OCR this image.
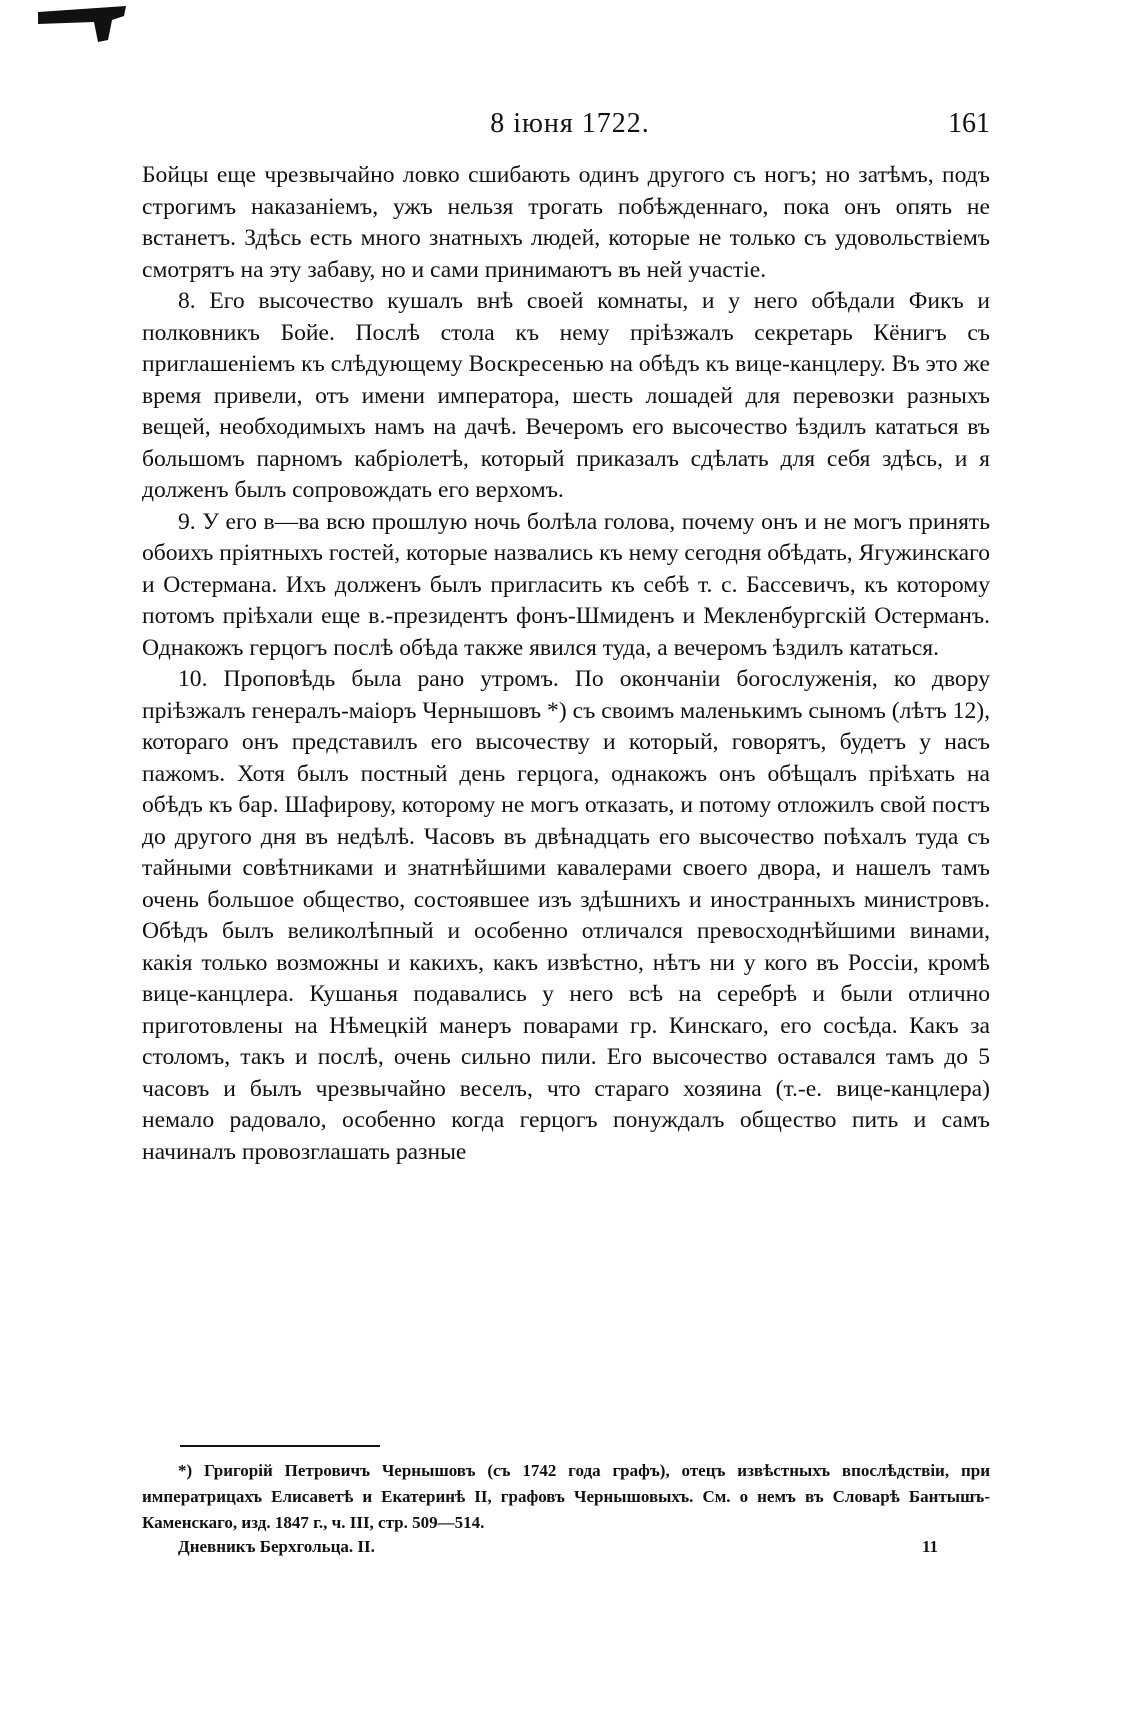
8 іюня 1722.	161

Бойцы еще чрезвычайно ловко сшибають одинъ другого съ ногъ; но затѣмъ, подъ строгимъ наказаніемъ, ужъ нельзя трогать побѣжденнаго, пока онъ опять не встанетъ. Здѣсь есть много знатныхъ людей, которые не только съ удовольствіемъ смотрятъ на эту забаву, но и сами принимаютъ въ ней участіе.

8. Его высочество кушалъ внѣ своей комнаты, и у него обѣдали Фикъ и полковникъ Бойе. Послѣ стола къ нему пріѣзжалъ секретарь Кёнигъ съ приглашеніемъ къ слѣдующему Воскресенью на обѣдъ къ вице-канцлеру. Въ это же время привели, отъ имени императора, шесть лошадей для перевозки разныхъ вещей, необходимыхъ намъ на дачѣ. Вечеромъ его высочество ѣздилъ кататься въ большомъ парномъ кабріолетѣ, который приказалъ сдѣлать для себя здѣсь, и я долженъ былъ сопровождать его верхомъ.

9. У его в—ва всю прошлую ночь болѣла голова, почему онъ и не могъ принять обоихъ пріятныхъ гостей, которые назвались къ нему сегодня обѣдать, Ягужинскаго и Остермана. Ихъ долженъ былъ пригласить къ себѣ т. с. Бассевичъ, къ которому потомъ пріѣхали еще в.-президентъ фонъ-Шмиденъ и Мекленбургскій Остерманъ. Однакожъ герцогъ послѣ обѣда также явился туда, а вечеромъ ѣздилъ кататься.

10. Проповѣдь была рано утромъ. По окончаніи богослуженія, ко двору пріѣзжалъ генералъ-маіоръ Чернышовъ *) съ своимъ маленькимъ сыномъ (лѣтъ 12), котораго онъ представилъ его высочеству и который, говорятъ, будетъ у насъ пажомъ. Хотя былъ постный день герцога, однакожъ онъ обѣщалъ пріѣхать на обѣдъ къ бар. Шафирову, которому не могъ отказать, и потому отложилъ свой постъ до другого дня въ недѣлѣ. Часовъ въ двѣнадцать его высочество поѣхалъ туда съ тайными совѣтниками и знатнѣйшими кавалерами своего двора, и нашелъ тамъ очень большое общество, состоявшее изъ здѣшнихъ и иностранныхъ министровъ. Обѣдъ былъ великолѣпный и особенно отличался превосходнѣйшими винами, какія только возможны и какихъ, какъ извѣстно, нѣтъ ни у кого въ Россіи, кромѣ вице-канцлера. Кушанья подавались у него всѣ на серебрѣ и были отлично приготовлены на Нѣмецкій манеръ поварами гр. Кинскаго, его сосѣда. Какъ за столомъ, такъ и послѣ, очень сильно пили. Его высочество оставался тамъ до 5 часовъ и былъ чрезвычайно веселъ, что стараго хозяина (т.-е. вице-канцлера) немало радовало, особенно когда герцогъ понуждалъ общество пить и самъ начиналъ провозглашать разные

*) Григорій Петровичъ Чернышовъ (съ 1742 года графъ), отецъ извѣстныхъ впослѣдствіи, при императрицахъ Елисаветѣ и Екатеринѣ II, графовъ Чернышовыхъ. См. о немъ въ Словарѣ Бантышъ-Каменскаго, изд. 1847 г., ч. III, стр. 509—514.

Дневникъ Берхгольца. II.	11
